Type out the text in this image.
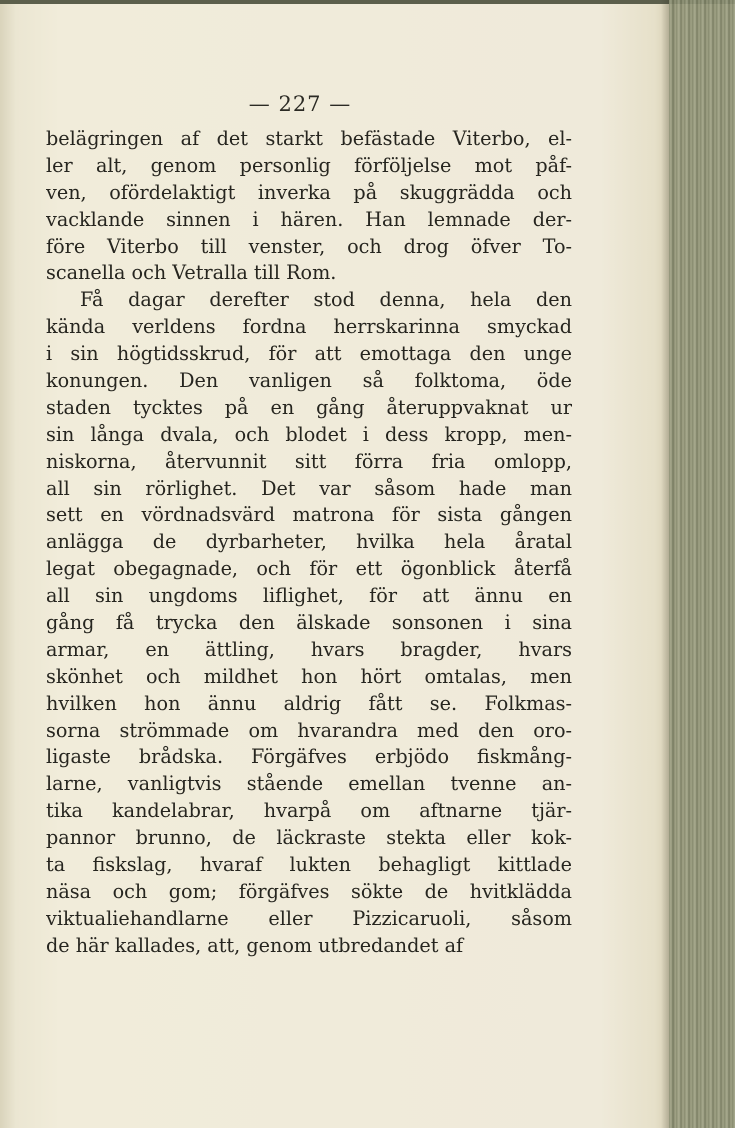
— 227 —
belägringen af det starkt befästade Viterbo, el-
ler alt, genom personlig förföljelse mot påf-
ven, ofördelaktigt inverka på skuggrädda och
vacklande sinnen i hären. Han lemnade der-
före Viterbo till venster, och drog öfver To-
scanella och Vetralla till Rom.
Få dagar derefter stod denna, hela den
kända verldens fordna herrskarinna smyckad
i sin högtidsskrud, för att emottaga den unge
konungen. Den vanligen så folktoma, öde
staden tycktes på en gång återuppvaknat ur
sin långa dvala, och blodet i dess kropp, men-
niskorna, återvunnit sitt förra fria omlopp,
all sin rörlighet. Det var såsom hade man
sett en vördnadsvärd matrona för sista gången
anlägga de dyrbarheter, hvilka hela åratal
legat obegagnade, och för ett ögonblick återfå
all sin ungdoms liflighet, för att ännu en
gång få trycka den älskade sonsonen i sina
armar, en ättling, hvars bragder, hvars
skönhet och mildhet hon hört omtalas, men
hvilken hon ännu aldrig fått se. Folkmas-
sorna strömmade om hvarandra med den oro-
ligaste brådska. Förgäfves erbjödo fiskmång-
larne, vanligtvis stående emellan tvenne an-
tika kandelabrar, hvarpå om aftnarne tjär-
pannor brunno, de läckraste stekta eller kok-
ta fiskslag, hvaraf lukten behagligt kittlade
näsa och gom; förgäfves sökte de hvitklädda
viktualiehandlarne eller Pizzicaruoli, såsom
de här kallades, att, genom utbredandet af
